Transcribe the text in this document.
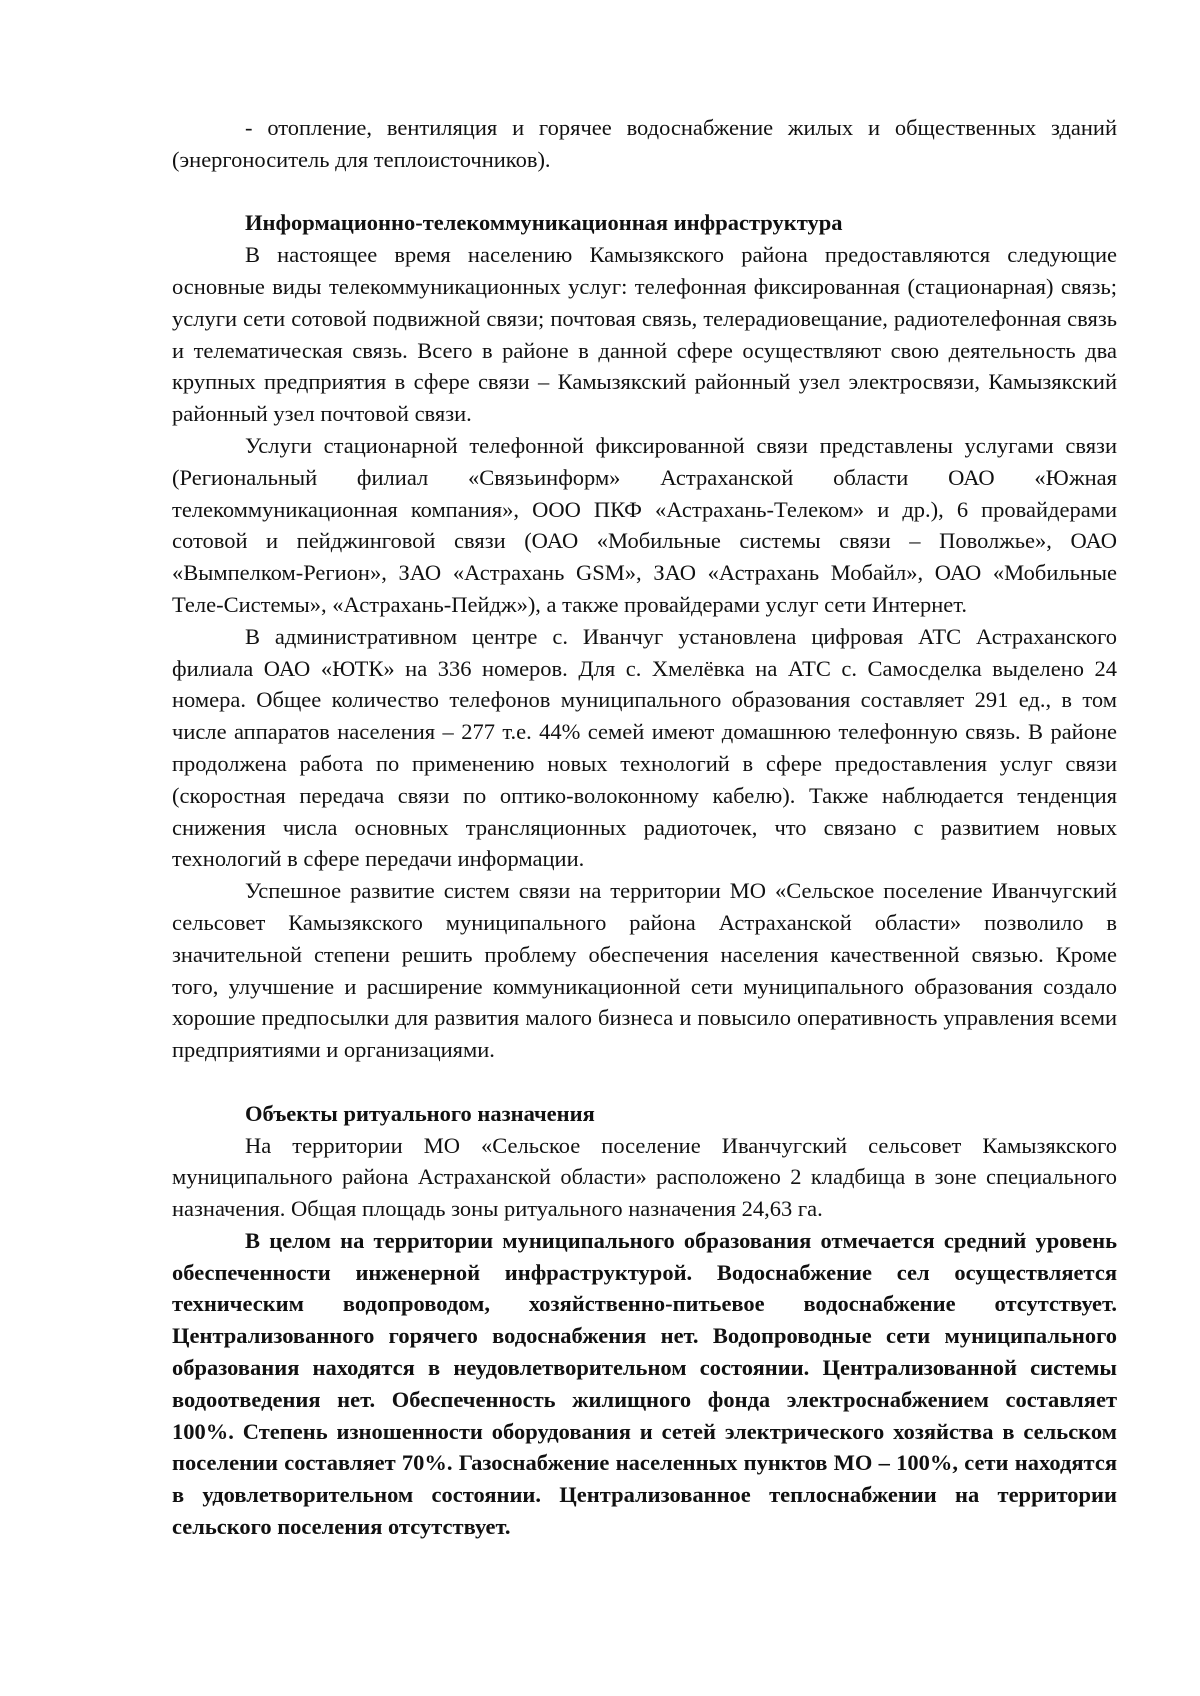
- отопление, вентиляция и горячее водоснабжение жилых и общественных зданий (энергоноситель для теплоисточников).

Информационно-телекоммуникационная инфраструктура

В настоящее время населению Камызякского района предоставляются следующие основные виды телекоммуникационных услуг: телефонная фиксированная (стационарная) связь; услуги сети сотовой подвижной связи; почтовая связь, телерадиовещание, радиотелефонная связь и телематическая связь. Всего в районе в данной сфере осуществляют свою деятельность два крупных предприятия в сфере связи – Камызякский районный узел электросвязи, Камызякский районный узел почтовой связи.

Услуги стационарной телефонной фиксированной связи представлены услугами связи (Региональный филиал «Связьинформ» Астраханской области ОАО «Южная телекоммуникационная компания», ООО ПКФ «Астрахань-Телеком» и др.), 6 провайдерами сотовой и пейджинговой связи (ОАО «Мобильные системы связи – Поволжье», ОАО «Вымпелком-Регион», ЗАО «Астрахань GSM», ЗАО «Астрахань Мобайл», ОАО «Мобильные Теле-Системы», «Астрахань-Пейдж»), а также провайдерами услуг сети Интернет.

В административном центре с. Иванчуг установлена цифровая АТС Астраханского филиала ОАО «ЮТК» на 336 номеров. Для с. Хмелёвка на АТС с. Самосделка выделено 24 номера. Общее количество телефонов муниципального образования составляет 291 ед., в том числе аппаратов населения – 277 т.е. 44% семей имеют домашнюю телефонную связь. В районе продолжена работа по применению новых технологий в сфере предоставления услуг связи (скоростная передача связи по оптико-волоконному кабелю). Также наблюдается тенденция снижения числа основных трансляционных радиоточек, что связано с развитием новых технологий в сфере передачи информации.

Успешное развитие систем связи на территории МО «Сельское поселение Иванчугский сельсовет Камызякского муниципального района Астраханской области» позволило в значительной степени решить проблему обеспечения населения качественной связью. Кроме того, улучшение и расширение коммуникационной сети муниципального образования создало хорошие предпосылки для развития малого бизнеса и повысило оперативность управления всеми предприятиями и организациями.

Объекты ритуального назначения

На территории МО «Сельское поселение Иванчугский сельсовет Камызякского муниципального района Астраханской области» расположено 2 кладбища в зоне специального назначения. Общая площадь зоны ритуального назначения 24,63 га.

В целом на территории муниципального образования отмечается средний уровень обеспеченности инженерной инфраструктурой. Водоснабжение сел осуществляется техническим водопроводом, хозяйственно-питьевое водоснабжение отсутствует. Централизованного горячего водоснабжения нет. Водопроводные сети муниципального образования находятся в неудовлетворительном состоянии. Централизованной системы водоотведения нет. Обеспеченность жилищного фонда электроснабжением составляет 100%. Степень изношенности оборудования и сетей электрического хозяйства в сельском поселении составляет 70%. Газоснабжение населенных пунктов МО – 100%, сети находятся в удовлетворительном состоянии. Централизованное теплоснабжении на территории сельского поселения отсутствует.
